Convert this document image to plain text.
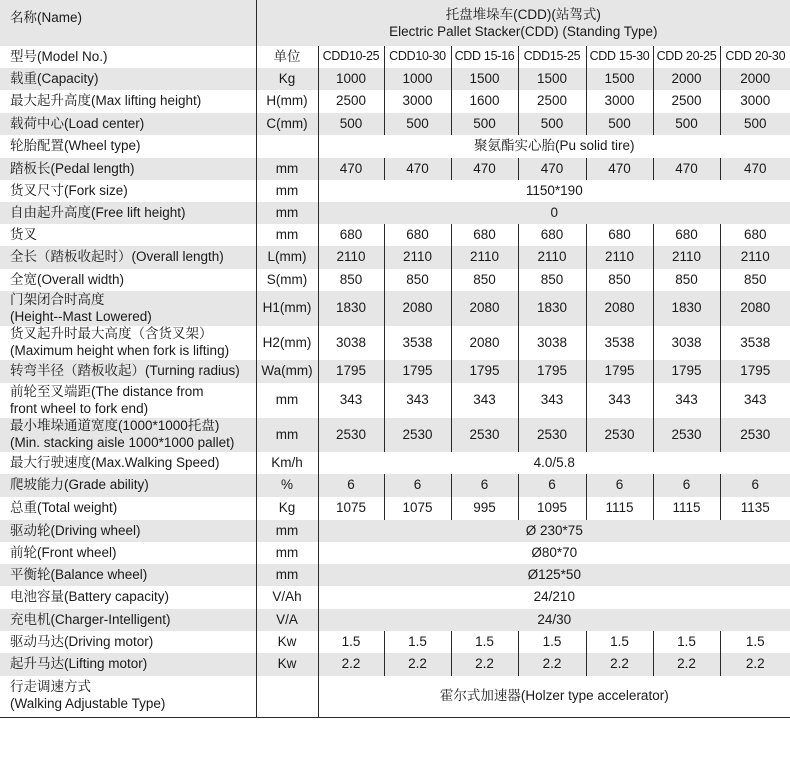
名称(Name)	托盘堆垛车(CDD)(站驾式)
Electric Pallet Stacker(CDD) (Standing Type)							

型号(Model No.)	单位	CDD10-25	CDD10-30	CDD 15-16	CDD15-25	CDD 15-30	CDD 20-25	CDD 20-30
载重(Capacity)	Kg	1000	1000	1500	1500	1500	2000	2000
最大起升高度(Max lifting height)	H(mm)	2500	3000	1600	2500	3000	2500	3000
载荷中心(Load center)	C(mm)	500	500	500	500	500	500	500
轮胎配置(Wheel type)		聚氨酯实心胎(Pu solid tire)						
踏板长(Pedal length)	mm	470	470	470	470	470	470	470
货叉尺寸(Fork size)	mm	1150*190						
自由起升高度(Free lift height)	mm	0						
货叉	mm	680	680	680	680	680	680	680
全长（踏板收起时）(Overall length)	L(mm)	2110	2110	2110	2110	2110	2110	2110
全宽(Overall width)	S(mm)	850	850	850	850	850	850	850

门架闭合时高度
(Height--Mast Lowered)	H1(mm)	1830	2080	2080	1830	2080	1830	2080

货叉起升时最大高度（含货叉架）
(Maximum height when fork is lifting)	H2(mm)	3038	3538	2080	3038	3538	3038	3538
转弯半径（踏板收起）(Turning radius)	Wa(mm)	1795	1795	1795	1795	1795	1795	1795

前轮至叉端距(The distance from
front wheel to fork end)	mm	343	343	343	343	343	343	343

最小堆垛通道宽度(1000*1000托盘)
(Min. stacking aisle 1000*1000 pallet)	mm	2530	2530	2530	2530	2530	2530	2530
最大行驶速度(Max.Walking Speed)	Km/h	4.0/5.8						
爬坡能力(Grade ability)	%	6	6	6	6	6	6	6
总重(Total weight)	Kg	1075	1075	995	1095	1115	1115	1135
驱动轮(Driving wheel)	mm	Ø 230*75						
前轮(Front wheel)	mm	Ø80*70						
平衡轮(Balance wheel)	mm	Ø125*50						
电池容量(Battery capacity)	V/Ah	24/210						
充电机(Charger-Intelligent)	V/A	24/30						
驱动马达(Driving motor)	Kw	1.5	1.5	1.5	1.5	1.5	1.5	1.5
起升马达(Lifting motor)	Kw	2.2	2.2	2.2	2.2	2.2	2.2	2.2

行走调速方式
(Walking Adjustable Type)		霍尔式加速器(Holzer type accelerator)						
